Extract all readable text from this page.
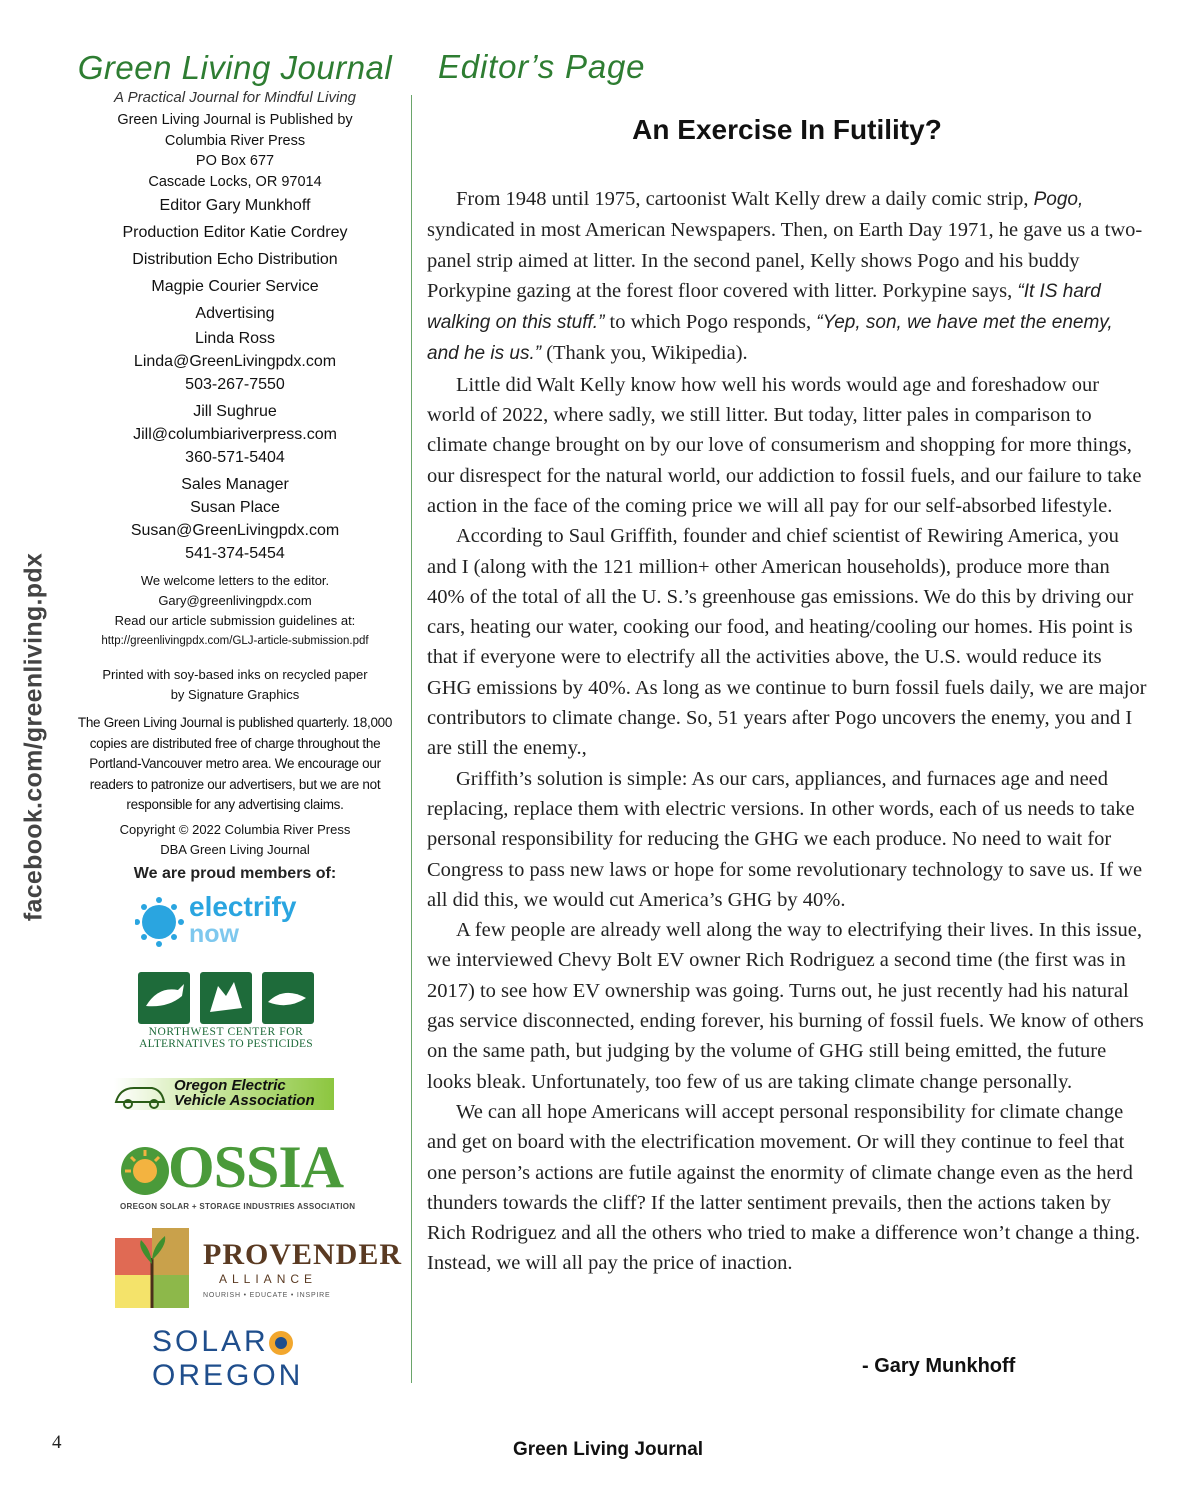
facebook.com/greenliving.pdx
Green Living Journal
A Practical Journal for Mindful Living
Green Living Journal is Published by
Columbia River Press
PO Box 677
Cascade Locks, OR 97014
Editor Gary Munkhoff
Production Editor Katie Cordrey
Distribution Echo Distribution
Magpie Courier Service
Advertising
Linda Ross
Linda@GreenLivingpdx.com
503-267-7550
Jill Sughrue
Jill@columbiariverpress.com
360-571-5404
Sales Manager
Susan Place
Susan@GreenLivingpdx.com
541-374-5454
We welcome letters to the editor.
Gary@greenlivingpdx.com
Read our article submission guidelines at:
http://greenlivingpdx.com/GLJ-article-submission.pdf
Printed with soy-based inks on recycled paper
by Signature Graphics
The Green Living Journal is published quarterly. 18,000
copies are distributed free of charge throughout the
Portland-Vancouver metro area. We encourage our
readers to patronize our advertisers, but we are not
responsible for any advertising claims.
Copyright © 2022 Columbia River Press
DBA Green Living Journal
We are proud members of:
electrify
now
NORTHWEST CENTER FOR
ALTERNATIVES TO PESTICIDES
Oregon Electric
Vehicle Association
OSSIA
OREGON SOLAR + STORAGE INDUSTRIES ASSOCIATION
PROVENDER
ALLIANCE
NOURISH • EDUCATE • INSPIRE
SOLAR
OREGON
Editor’s Page
An Exercise In Futility?

From 1948 until 1975, cartoonist Walt Kelly drew a daily comic strip, Pogo, syndicated in most American Newspapers. Then, on Earth Day 1971, he gave us a two-panel strip aimed at litter. In the second panel, Kelly shows Pogo and his buddy Porkypine gazing at the forest floor covered with litter. Porkypine says, “It IS hard walking on this stuff.” to which Pogo responds, “Yep, son, we have met the enemy, and he is us.” (Thank you, Wikipedia).

Little did Walt Kelly know how well his words would age and foreshadow our world of 2022, where sadly, we still litter. But today, litter pales in comparison to climate change brought on by our love of consumerism and shopping for more things, our disrespect for the natural world, our addiction to fossil fuels, and our failure to take action in the face of the coming price we will all pay for our self-absorbed lifestyle.

According to Saul Griffith, founder and chief scientist of Rewiring America, you and I (along with the 121 million+ other American households), produce more than 40% of the total of all the U. S.’s greenhouse gas emissions. We do this by driving our cars, heating our water, cooking our food, and heating/cooling our homes. His point is that if everyone were to electrify all the activities above, the U.S. would reduce its GHG emissions by 40%. As long as we continue to burn fossil fuels daily, we are major contributors to climate change. So, 51 years after Pogo uncovers the enemy, you and I are still the enemy.,

Griffith’s solution is simple: As our cars, appliances, and furnaces age and need replacing, replace them with electric versions. In other words, each of us needs to take personal responsibility for reducing the GHG we each produce. No need to wait for Congress to pass new laws or hope for some revolutionary technology to save us. If we all did this, we would cut America’s GHG by 40%.

A few people are already well along the way to electrifying their lives. In this issue, we interviewed Chevy Bolt EV owner Rich Rodriguez a second time (the first was in 2017) to see how EV ownership was going. Turns out, he just recently had his natural gas service disconnected, ending forever, his burning of fossil fuels. We know of others on the same path, but judging by the volume of GHG still being emitted, the future looks bleak. Unfortunately, too few of us are taking climate change personally.

We can all hope Americans will accept personal responsibility for climate change and get on board with the electrification movement. Or will they continue to feel that one person’s actions are futile against the enormity of climate change even as the herd thunders towards the cliff? If the latter sentiment prevails, then the actions taken by Rich Rodriguez and all the others who tried to make a difference won’t change a thing. Instead, we will all pay the price of inaction.

- Gary Munkhoff
4	Green Living Journal
